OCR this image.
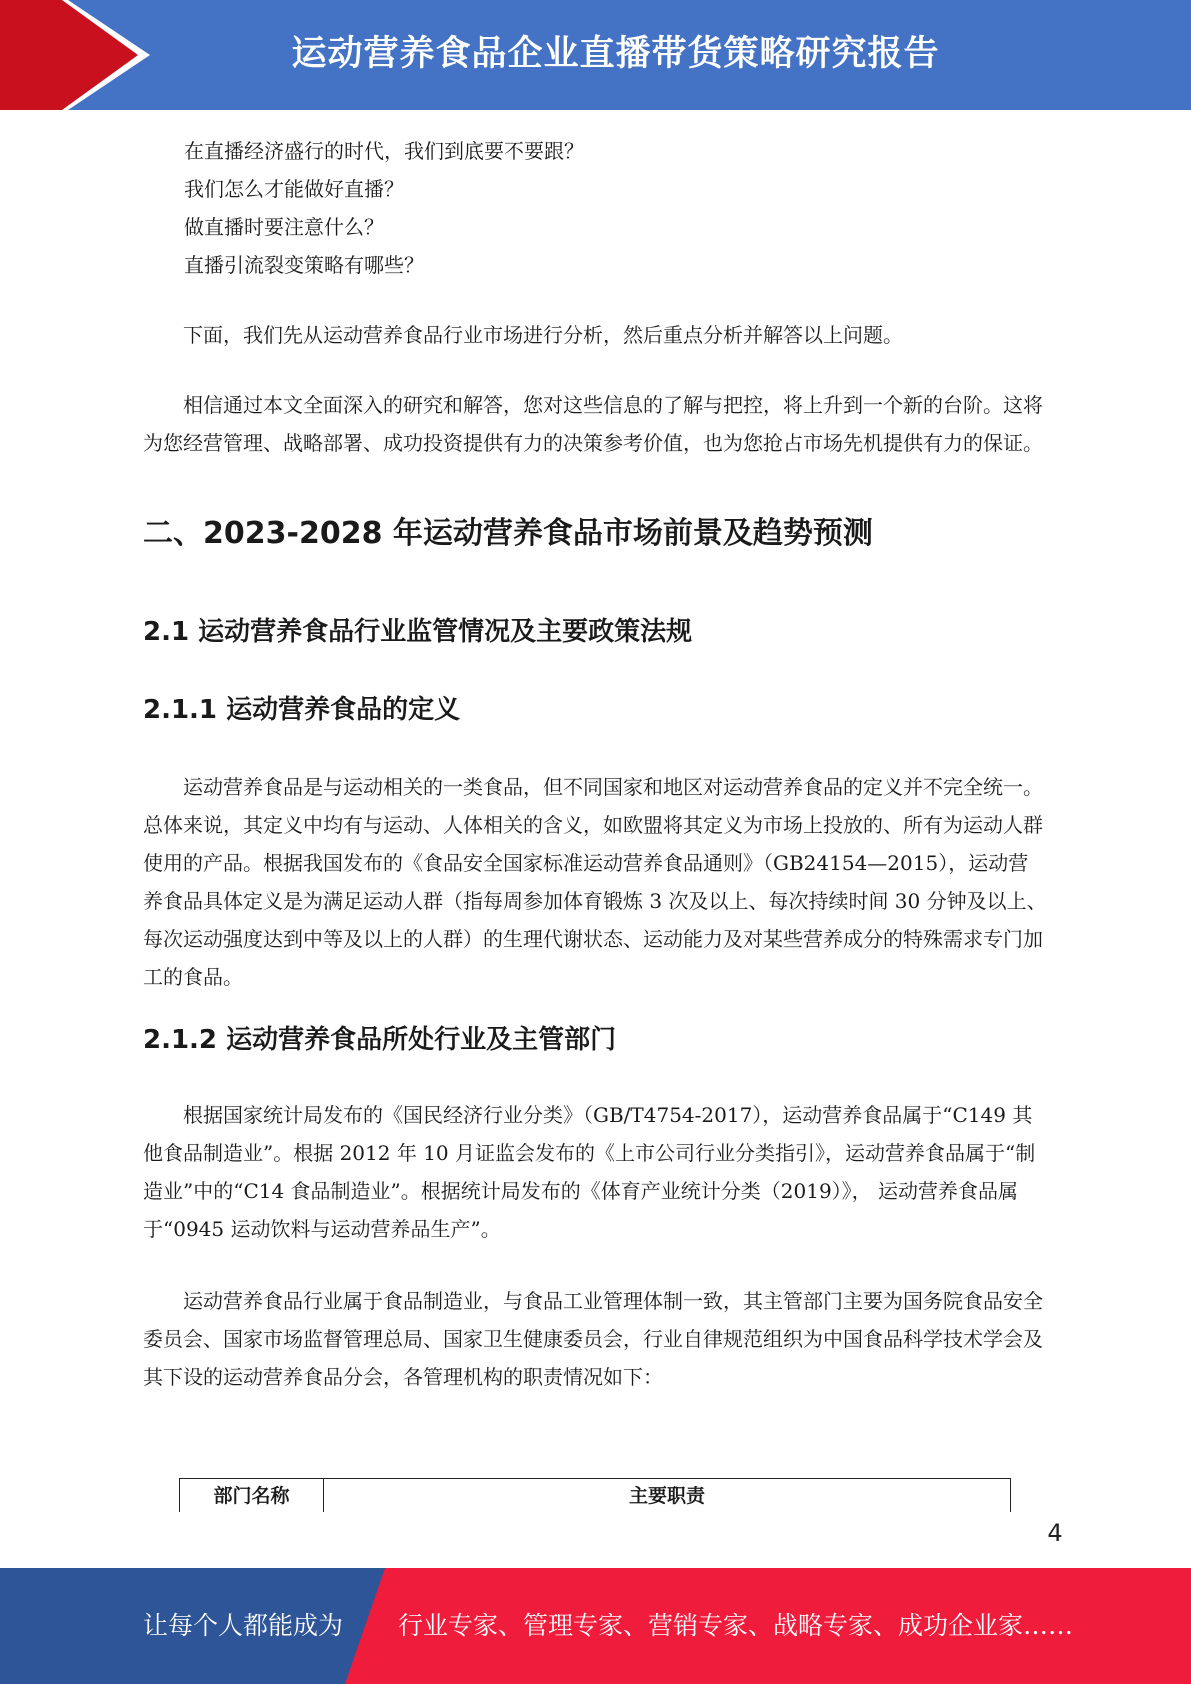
运动营养食品企业直播带货策略研究报告

在直播经济盛行的时代，我们到底要不要跟？

我们怎么才能做好直播？

做直播时要注意什么？

直播引流裂变策略有哪些？

下面，我们先从运动营养食品行业市场进行分析，然后重点分析并解答以上问题。

相信通过本文全面深入的研究和解答，您对这些信息的了解与把控，将上升到一个新的台阶。这将为您经营管理、战略部署、成功投资提供有力的决策参考价值，也为您抢占市场先机提供有力的保证。

二、2023-2028 年运动营养食品市场前景及趋势预测
2.1 运动营养食品行业监管情况及主要政策法规
2.1.1 运动营养食品的定义

运动营养食品是与运动相关的一类食品，但不同国家和地区对运动营养食品的定义并不完全统一。总体来说，其定义中均有与运动、人体相关的含义，如欧盟将其定义为市场上投放的、所有为运动人群使用的产品。根据我国发布的《食品安全国家标准运动营养食品通则》（GB24154—2015），运动营养食品具体定义是为满足运动人群（指每周参加体育锻炼 3 次及以上、每次持续时间 30 分钟及以上、每次运动强度达到中等及以上的人群）的生理代谢状态、运动能力及对某些营养成分的特殊需求专门加工的食品。

2.1.2 运动营养食品所处行业及主管部门

根据国家统计局发布的《国民经济行业分类》（GB/T4754-2017），运动营养食品属于“C149 其他食品制造业”。根据 2012 年 10 月证监会发布的《上市公司行业分类指引》，运动营养食品属于“制造业”中的“C14 食品制造业”。根据统计局发布的《体育产业统计分类（2019）》， 运动营养食品属于“0945 运动饮料与运动营养品生产”。

运动营养食品行业属于食品制造业，与食品工业管理体制一致，其主管部门主要为国务院食品安全委员会、国家市场监督管理总局、国家卫生健康委员会，行业自律规范组织为中国食品科学技术学会及其下设的运动营养食品分会，各管理机构的职责情况如下：

部门名称	主要职责
4
让每个人都能成为 行业专家、管理专家、营销专家、战略专家、成功企业家……
